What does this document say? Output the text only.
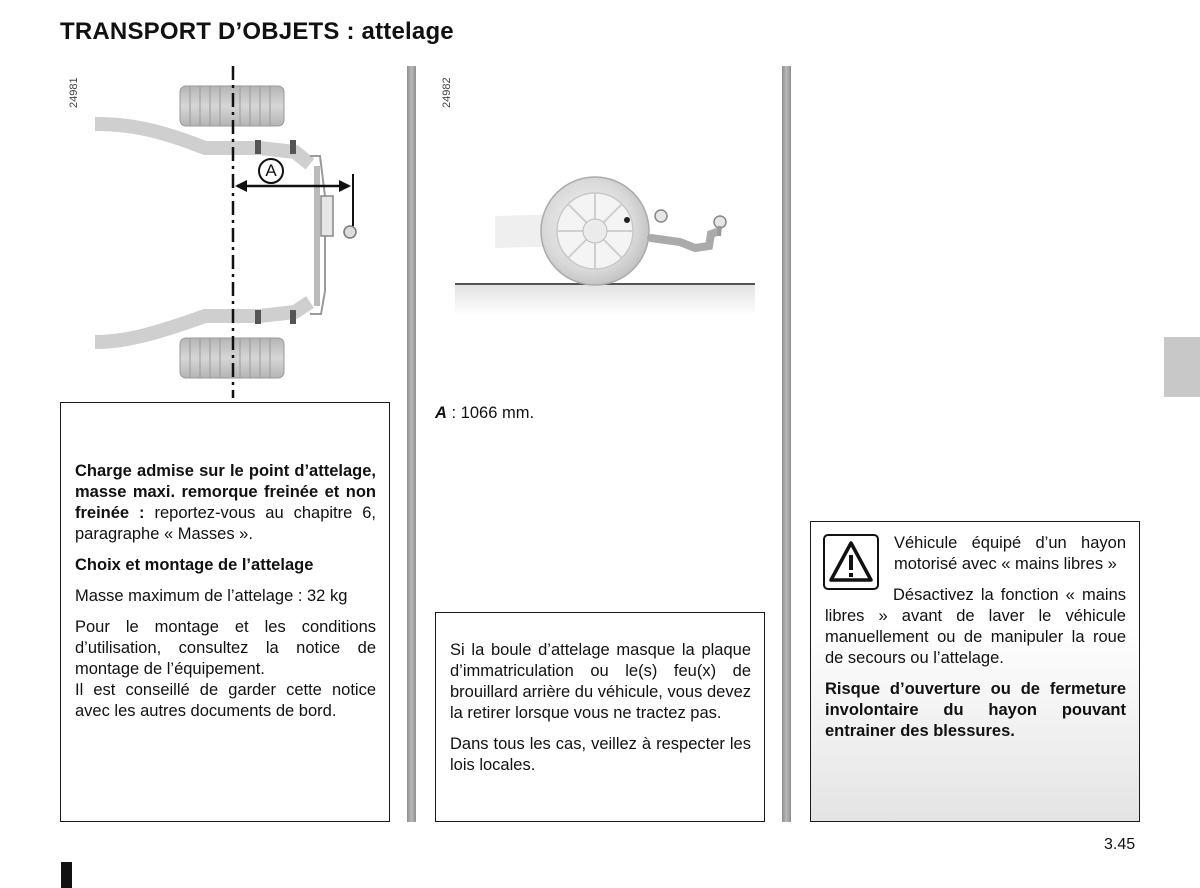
TRANSPORT D’OBJETS : attelage
24981
A
24982
A : 1066 mm.

Charge admise sur le point d’attelage, masse maxi. remorque freinée et non freinée : reportez-vous au chapitre 6, paragraphe « Masses ».

Choix et montage de l’attelage

Masse maximum de l’attelage : 32 kg

Pour le montage et les conditions d’utilisation, consultez la notice de montage de l’équipement.

Il est conseillé de garder cette notice avec les autres documents de bord.

Si la boule d’attelage masque la plaque d’immatriculation ou le(s) feu(x) de brouillard arrière du véhicule, vous devez la retirer lorsque vous ne tractez pas.

Dans tous les cas, veillez à respecter les lois locales.

Véhicule équipé d’un hayon motorisé avec « mains libres »

Désactivez la fonction « mains libres » avant de laver le véhicule manuellement ou de manipuler la roue de secours ou l’attelage.

Risque d’ouverture ou de fermeture involontaire du hayon pouvant entrainer des blessures.

3.45
